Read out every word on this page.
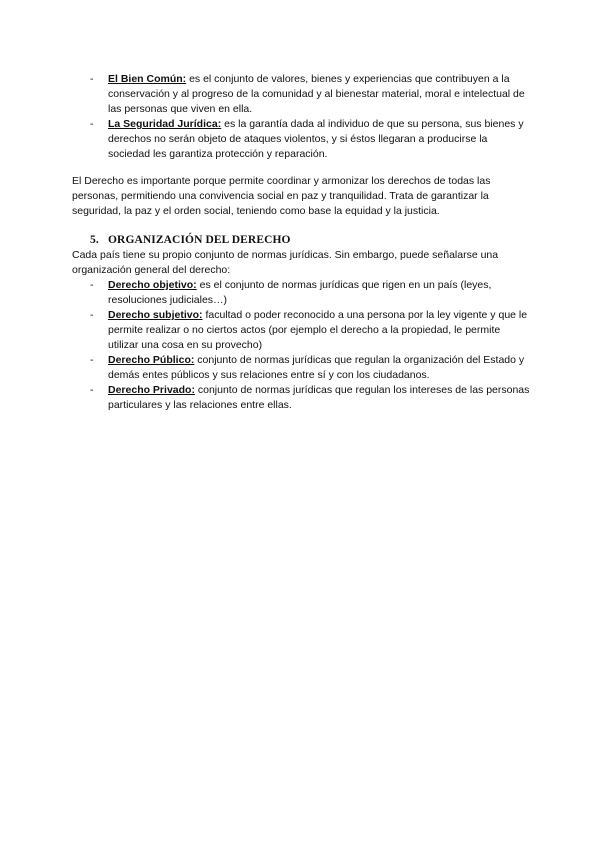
-	El Bien Común: es el conjunto de valores, bienes y experiencias que contribuyen a la conservación y al progreso de la comunidad y al bienestar material, moral e intelectual de las personas que viven en ella.
-	La Seguridad Jurídica: es la garantía dada al individuo de que su persona, sus bienes y derechos no serán objeto de ataques violentos, y si éstos llegaran a producirse la sociedad les garantiza protección y reparación.

El Derecho es importante porque permite coordinar y armonizar los derechos de todas las personas, permitiendo una convivencia social en paz y tranquilidad. Trata de garantizar la seguridad, la paz y el orden social, teniendo como base la equidad y la justicia.

5. ORGANIZACIÓN DEL DERECHO

Cada país tiene su propio conjunto de normas jurídicas. Sin embargo, puede señalarse una organización general del derecho:

-	Derecho objetivo: es el conjunto de normas jurídicas que rigen en un país (leyes, resoluciones judiciales…)
-	Derecho subjetivo: facultad o poder reconocido a una persona por la ley vigente y que le permite realizar o no ciertos actos (por ejemplo el derecho a la propiedad, le permite utilizar una cosa en su provecho)
-	Derecho Público: conjunto de normas jurídicas que regulan la organización del Estado y demás entes públicos y sus relaciones entre sí y con los ciudadanos.
-	Derecho Privado: conjunto de normas jurídicas que regulan los intereses de las personas particulares y las relaciones entre ellas.
